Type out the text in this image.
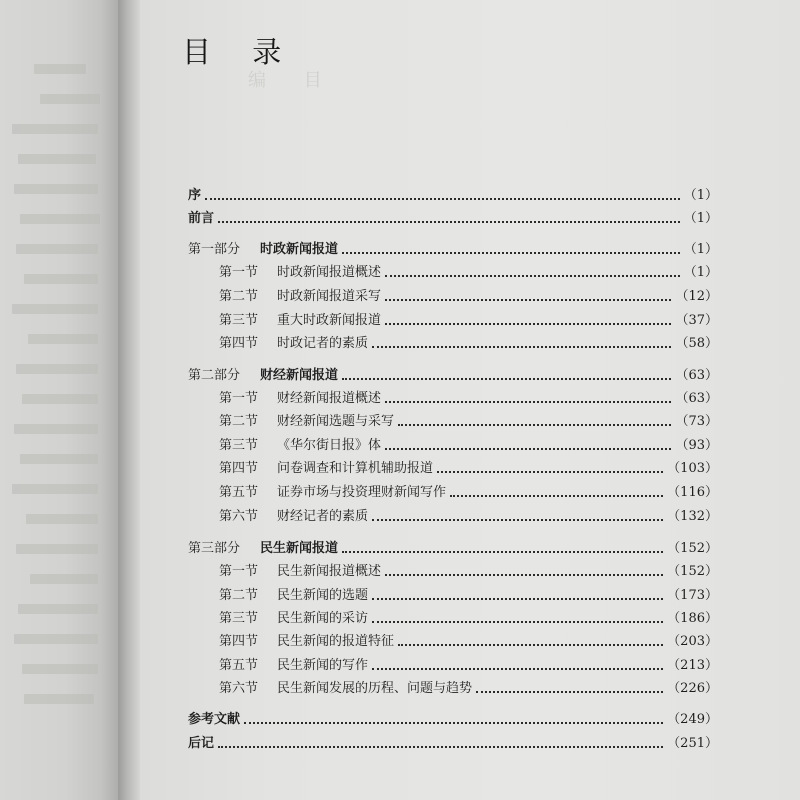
目 录
编 目
序	（1）
前言	（1）
第一部分	时政新闻报道	（1）
第一节	时政新闻报道概述	（1）
第二节	时政新闻报道采写	（12）
第三节	重大时政新闻报道	（37）
第四节	时政记者的素质	（58）
第二部分	财经新闻报道	（63）
第一节	财经新闻报道概述	（63）
第二节	财经新闻选题与采写	（73）
第三节	《华尔街日报》体	（93）
第四节	问卷调查和计算机辅助报道	（103）
第五节	证券市场与投资理财新闻写作	（116）
第六节	财经记者的素质	（132）
第三部分	民生新闻报道	（152）
第一节	民生新闻报道概述	（152）
第二节	民生新闻的选题	（173）
第三节	民生新闻的采访	（186）
第四节	民生新闻的报道特征	（203）
第五节	民生新闻的写作	（213）
第六节	民生新闻发展的历程、问题与趋势	（226）
参考文献	（249）
后记	（251）
